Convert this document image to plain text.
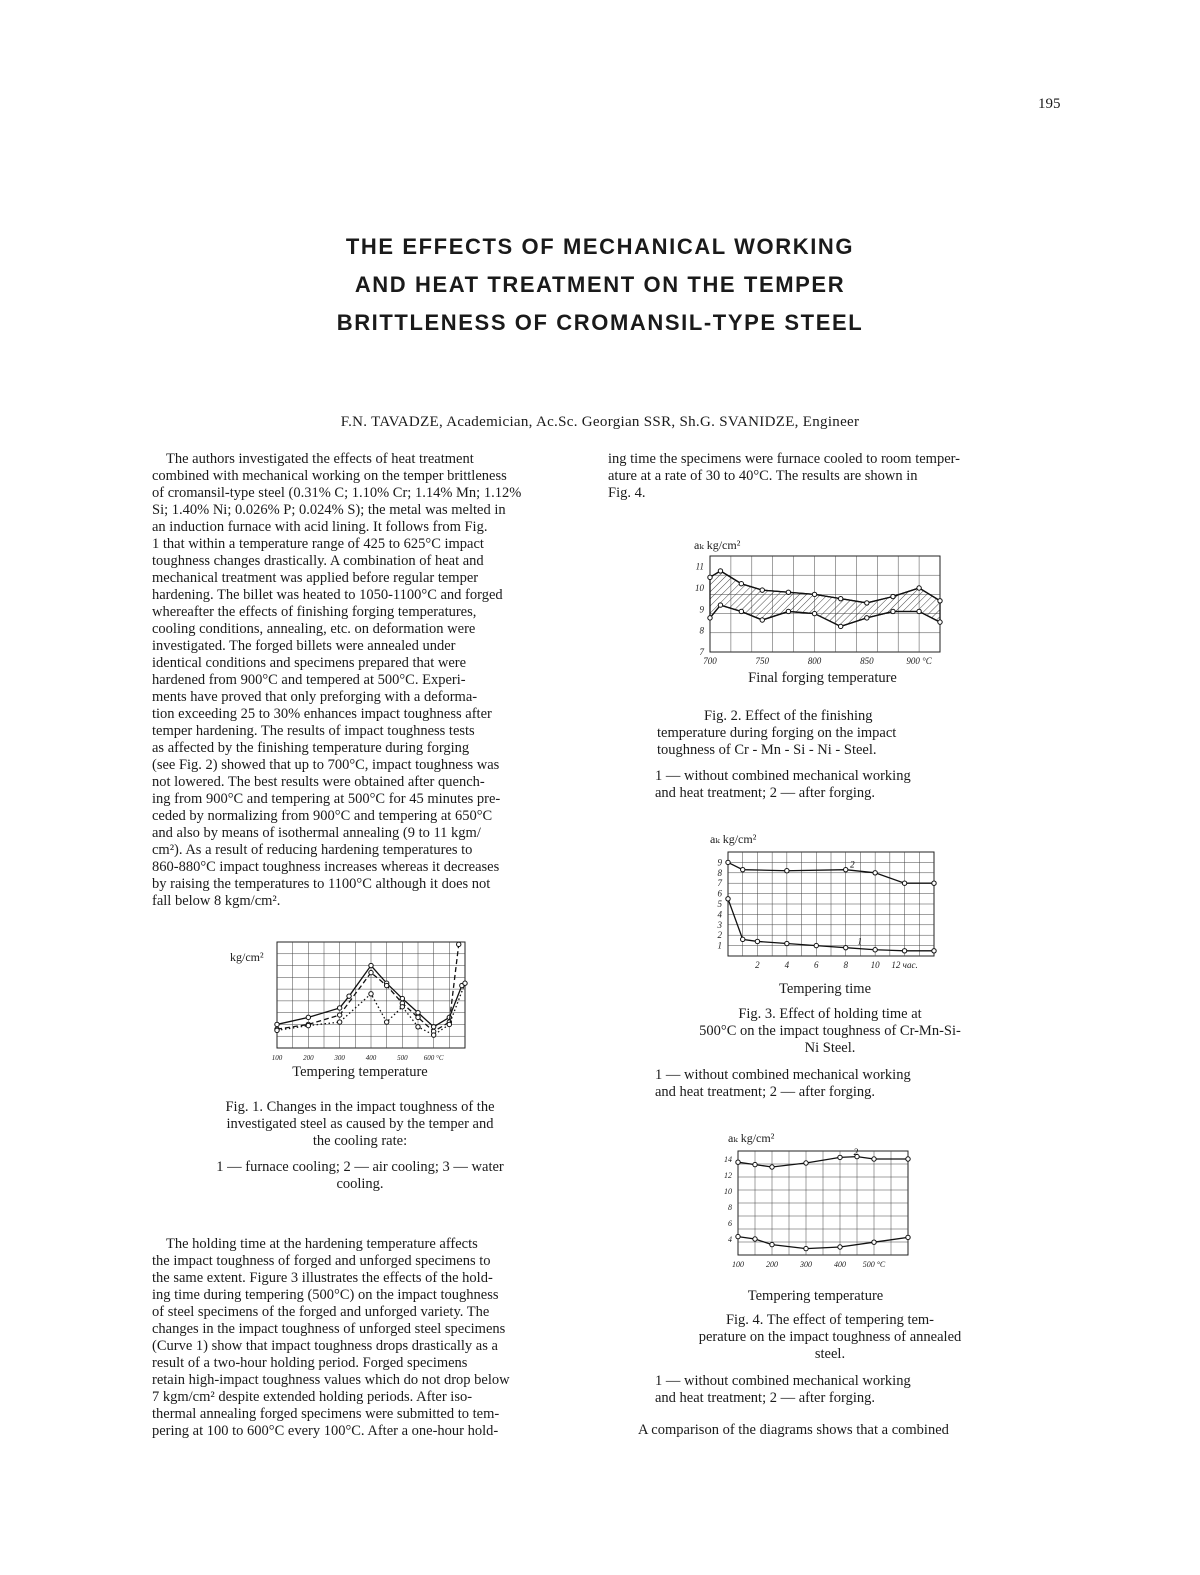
195
THE EFFECTS OF MECHANICAL WORKING
AND HEAT TREATMENT ON THE TEMPER
BRITTLENESS OF CROMANSIL-TYPE STEEL
F.N. TAVADZE, Academician, Ac.Sc. Georgian SSR, Sh.G. SVANIDZE, Engineer
The authors investigated the effects of heat treatment
combined with mechanical working on the temper brittleness
of cromansil-type steel (0.31% C; 1.10% Cr; 1.14% Mn; 1.12%
Si; 1.40% Ni; 0.026% P; 0.024% S); the metal was melted in
an induction furnace with acid lining. It follows from Fig.
1 that within a temperature range of 425 to 625°C impact
toughness changes drastically. A combination of heat and
mechanical treatment was applied before regular temper
hardening. The billet was heated to 1050-1100°C and forged
whereafter the effects of finishing forging temperatures,
cooling conditions, annealing, etc. on deformation were
investigated. The forged billets were annealed under
identical conditions and specimens prepared that were
hardened from 900°C and tempered at 500°C. Experi-
ments have proved that only preforging with a deforma-
tion exceeding 25 to 30% enhances impact toughness after
temper hardening. The results of impact toughness tests
as affected by the finishing temperature during forging
(see Fig. 2) showed that up to 700°C, impact toughness was
not lowered. The best results were obtained after quench-
ing from 900°C and tempering at 500°C for 45 minutes pre-
ceded by normalizing from 900°C and tempering at 650°C
and also by means of isothermal annealing (9 to 11 kgm/
cm²). As a result of reducing hardening temperatures to
860-880°C impact toughness increases whereas it decreases
by raising the temperatures to 1100°C although it does not
fall below 8 kgm/cm².
kg/cm²
100	200	300	400	500 600 °C
Tempering temperature
Fig. 1. Changes in the impact toughness of the
investigated steel as caused by the temper and
the cooling rate:
1 — furnace cooling; 2 — air cooling; 3 — water
cooling.
The holding time at the hardening temperature affects
the impact toughness of forged and unforged specimens to
the same extent. Figure 3 illustrates the effects of the hold-
ing time during tempering (500°C) on the impact toughness
of steel specimens of the forged and unforged variety. The
changes in the impact toughness of unforged steel specimens
(Curve 1) show that impact toughness drops drastically as a
result of a two-hour holding period. Forged specimens
retain high-impact toughness values which do not drop below
7 kgm/cm² despite extended holding periods. After iso-
thermal annealing forged specimens were submitted to tem-
pering at 100 to 600°C every 100°C. After a one-hour hold-
ing time the specimens were furnace cooled to room temper-
ature at a rate of 30 to 40°C. The results are shown in
Fig. 4.
aₖ kg/cm²
700	750	800	850	900 °C
7
8
9
10
11
Final forging temperature
Fig. 2. Effect of the finishing
temperature during forging on the impact
toughness of Cr - Mn - Si - Ni - Steel.
1 — without combined mechanical working
and heat treatment; 2 — after forging.
aₖ kg/cm²
2	4	6	8	10 12 час.
1
2
3
4
5
6
7
8
9
1
2
Tempering time
Fig. 3. Effect of holding time at
500°C on the impact toughness of Cr-Mn-Si-
Ni Steel.
1 — without combined mechanical working
and heat treatment; 2 — after forging.
aₖ kg/cm²
100	200	300	400 500 °C
4
6
8
10
12
14
2
Tempering temperature
Fig. 4. The effect of tempering tem-
perature on the impact toughness of annealed
steel.
1 — without combined mechanical working
and heat treatment; 2 — after forging.
A comparison of the diagrams shows that a combined
